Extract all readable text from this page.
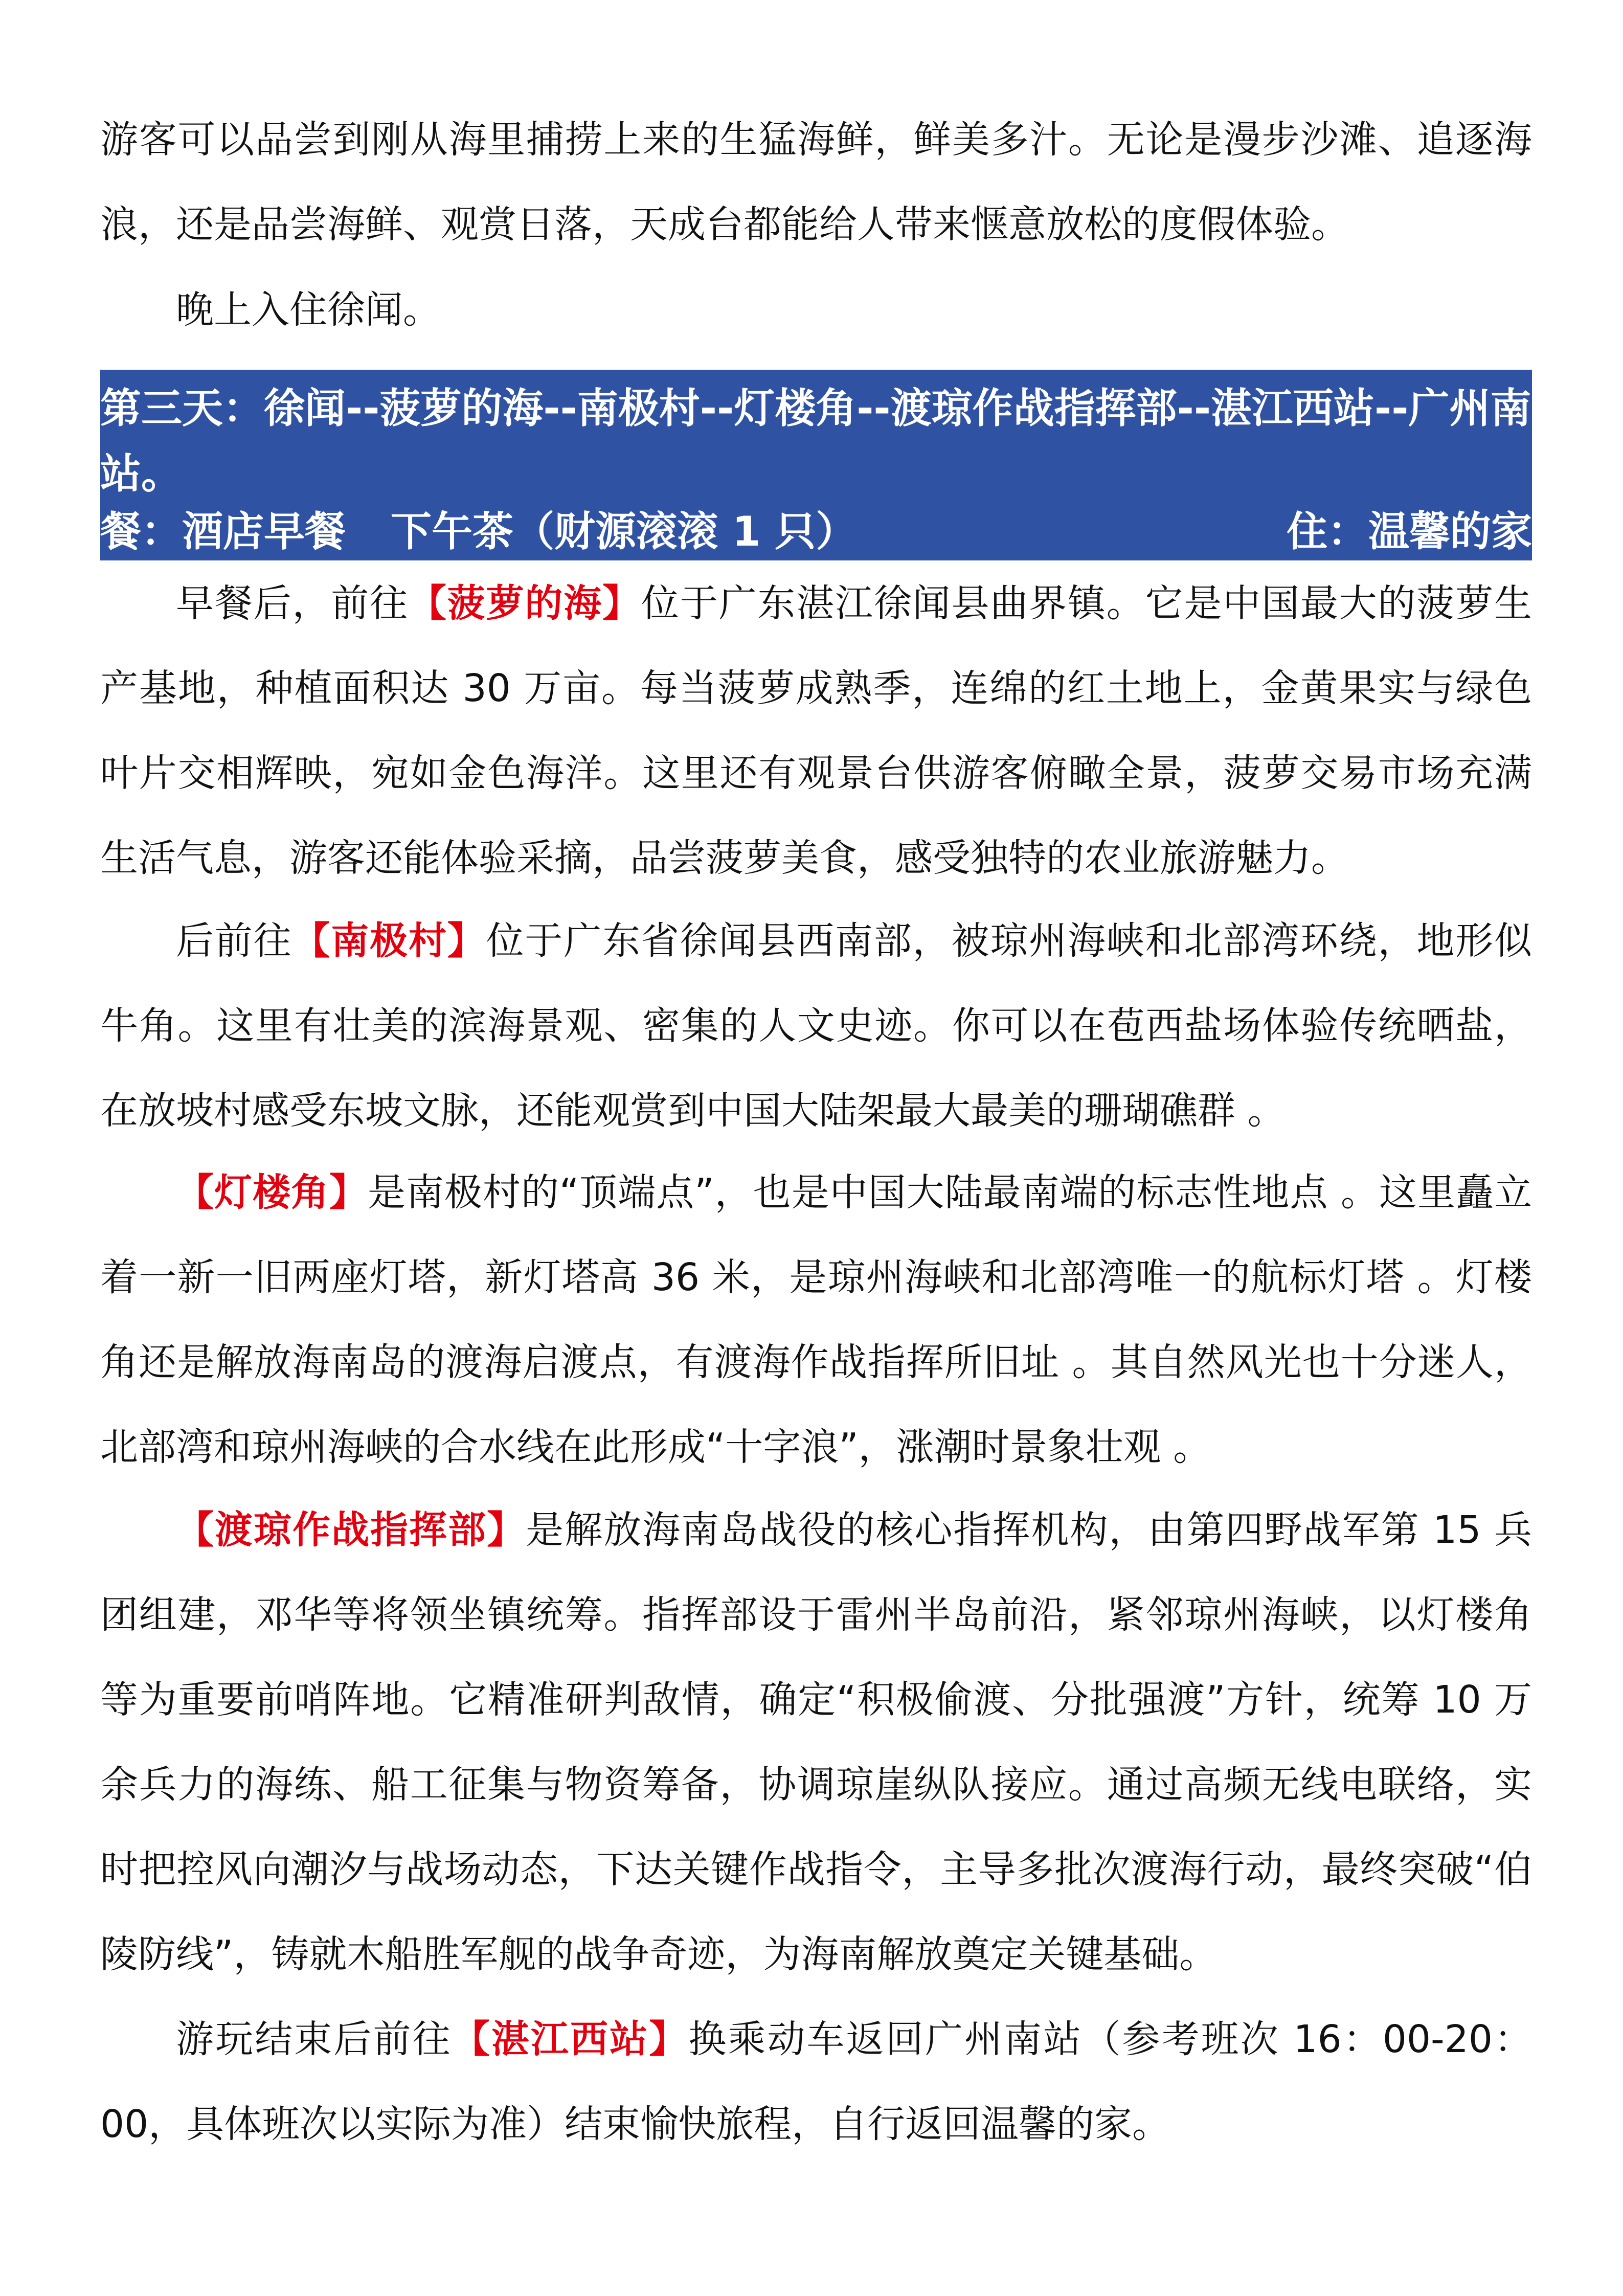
游客可以品尝到刚从海里捕捞上来的生猛海鲜，鲜美多汁。无论是漫步沙滩、追逐海浪，还是品尝海鲜、观赏日落，天成台都能给人带来惬意放松的度假体验。
晚上入住徐闻。
第三天：徐闻--菠萝的海--南极村--灯楼角--渡琼作战指挥部--湛江西站--广州南站。
餐：酒店早餐 下午茶（财源滚滚 1 只）	住：温馨的家
早餐后，前往【菠萝的海】位于广东湛江徐闻县曲界镇。它是中国最大的菠萝生产基地，种植面积达 30 万亩。每当菠萝成熟季，连绵的红土地上，金黄果实与绿色叶片交相辉映，宛如金色海洋。这里还有观景台供游客俯瞰全景，菠萝交易市场充满生活气息，游客还能体验采摘，品尝菠萝美食，感受独特的农业旅游魅力。
后前往【南极村】位于广东省徐闻县西南部，被琼州海峡和北部湾环绕，地形似牛角。这里有壮美的滨海景观、密集的人文史迹。你可以在苞西盐场体验传统晒盐，在放坡村感受东坡文脉，还能观赏到中国大陆架最大最美的珊瑚礁群 。
【灯楼角】是南极村的“顶端点”，也是中国大陆最南端的标志性地点 。这里矗立着一新一旧两座灯塔，新灯塔高 36 米，是琼州海峡和北部湾唯一的航标灯塔 。灯楼角还是解放海南岛的渡海启渡点，有渡海作战指挥所旧址 。其自然风光也十分迷人，北部湾和琼州海峡的合水线在此形成“十字浪”，涨潮时景象壮观 。
【渡琼作战指挥部】是解放海南岛战役的核心指挥机构，由第四野战军第 15 兵团组建，邓华等将领坐镇统筹。指挥部设于雷州半岛前沿，紧邻琼州海峡，以灯楼角等为重要前哨阵地。它精准研判敌情，确定“积极偷渡、分批强渡”方针，统筹 10 万余兵力的海练、船工征集与物资筹备，协调琼崖纵队接应。通过高频无线电联络，实时把控风向潮汐与战场动态，下达关键作战指令，主导多批次渡海行动，最终突破“伯陵防线”，铸就木船胜军舰的战争奇迹，为海南解放奠定关键基础。
游玩结束后前往【湛江西站】换乘动车返回广州南站（参考班次 16：00-20：00，具体班次以实际为准）结束愉快旅程，自行返回温馨的家。
